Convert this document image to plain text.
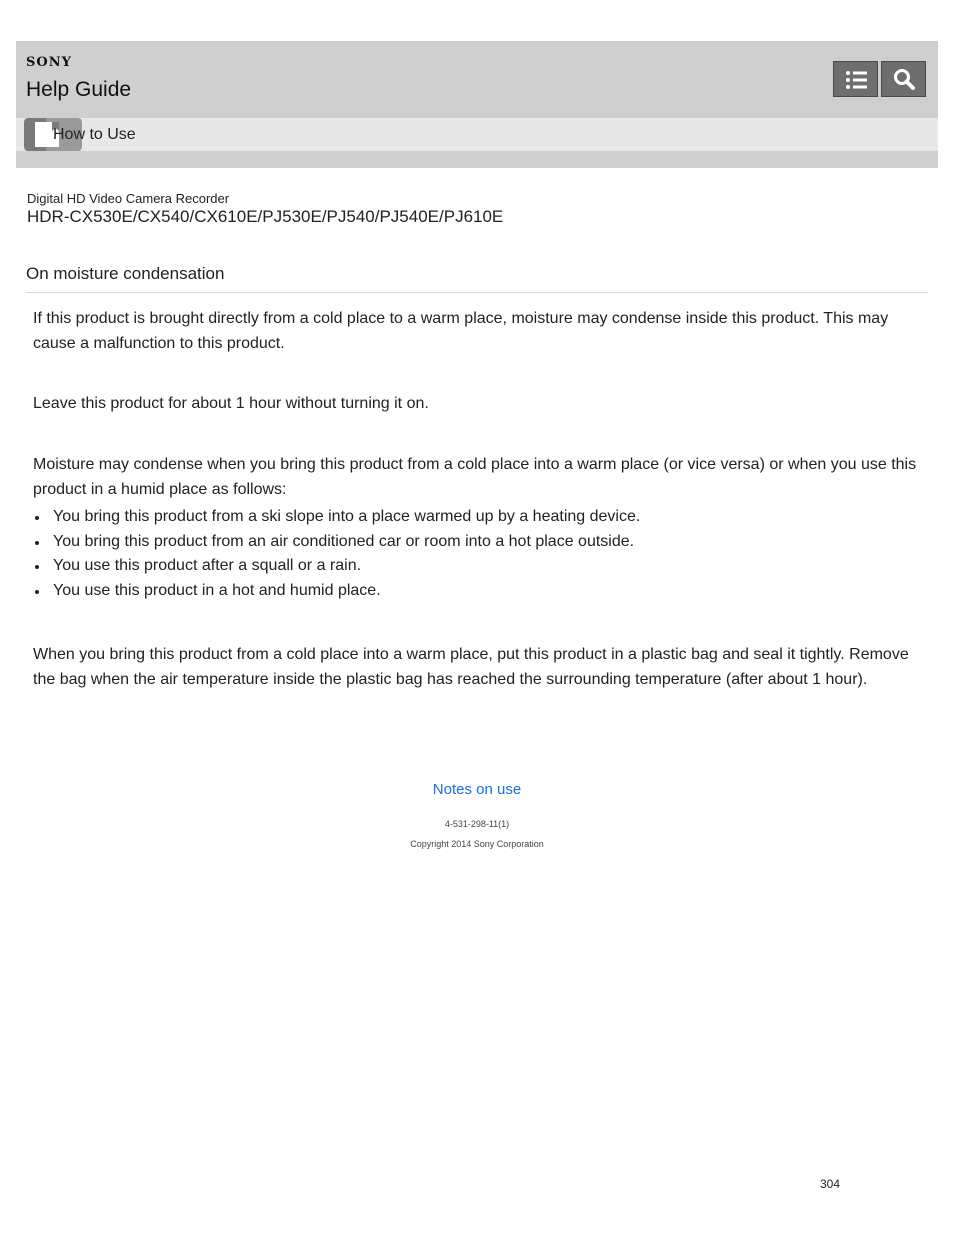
SONY
Help Guide
How to Use
Digital HD Video Camera Recorder
HDR-CX530E/CX540/CX610E/PJ530E/PJ540/PJ540E/PJ610E
On moisture condensation

If this product is brought directly from a cold place to a warm place, moisture may condense inside this product. This may cause a malfunction to this product.

Leave this product for about 1 hour without turning it on.

Moisture may condense when you bring this product from a cold place into a warm place (or vice versa) or when you use this product in a humid place as follows:

You bring this product from a ski slope into a place warmed up by a heating device.
You bring this product from an air conditioned car or room into a hot place outside.
You use this product after a squall or a rain.
You use this product in a hot and humid place.

When you bring this product from a cold place into a warm place, put this product in a plastic bag and seal it tightly. Remove the bag when the air temperature inside the plastic bag has reached the surrounding temperature (after about 1 hour).

Notes on use
4-531-298-11(1)
Copyright 2014 Sony Corporation
304
